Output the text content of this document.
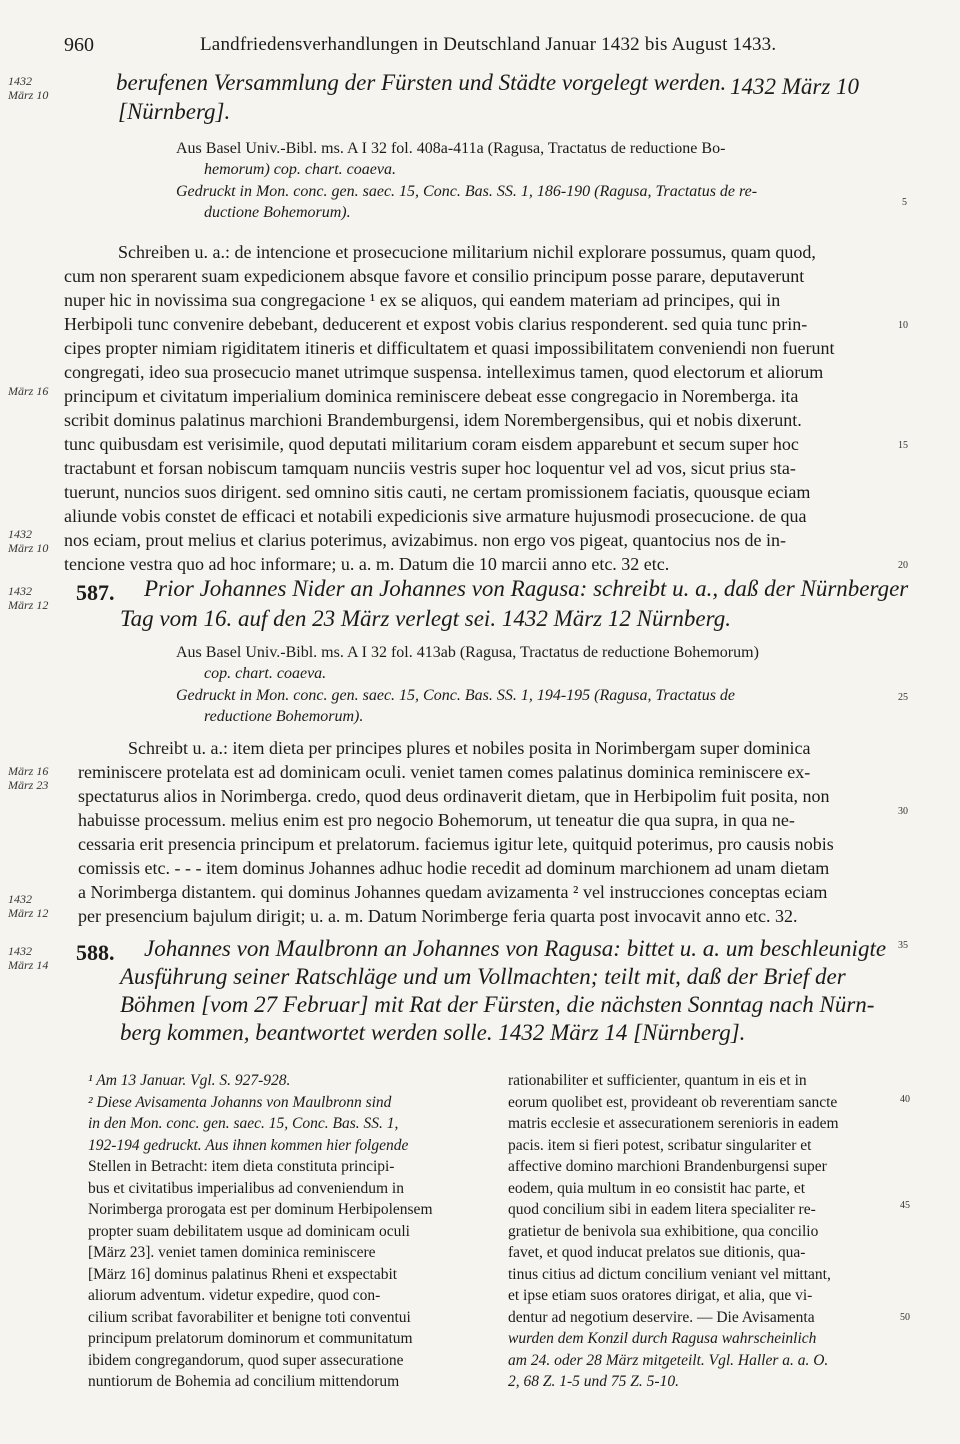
960	Landfriedensverhandlungen in Deutschland Januar 1432 bis August 1433.
1432 März 10	berufenen Versammlung der Fürsten und Städte vorgelegt werden. 1432 März 10
[Nürnberg].
Aus Basel Univ.-Bibl. ms. A I 32 fol. 408a-411a (Ragusa, Tractatus de reductione Bo-
hemorum) cop. chart. coaeva.
Gedruckt in Mon. conc. gen. saec. 15, Conc. Bas. SS. 1, 186-190 (Ragusa, Tractatus de re-
ductione Bohemorum).
5
Schreiben u. a.: de intencione et prosecucione militarium nichil explorare possumus, quam quod,
cum non sperarent suam expedicionem absque favore et consilio principum posse parare, deputaverunt
nuper hic in novissima sua congregacione ¹ ex se aliquos, qui eandem materiam ad principes, qui in
Herbipoli tunc convenire debebant, deducerent et expost vobis clarius responderent. sed quia tunc prin-
cipes propter nimiam rigiditatem itineris et difficultatem et quasi impossibilitatem conveniendi non fuerunt
congregati, ideo sua prosecucio manet utrimque suspensa. intelleximus tamen, quod electorum et aliorum
principum et civitatum imperialium dominica reminiscere debeat esse congregacio in Noremberga. ita
scribit dominus palatinus marchioni Brandemburgensi, idem Norembergensibus, qui et nobis dixerunt.
tunc quibusdam est verisimile, quod deputati militarium coram eisdem apparebunt et secum super hoc
tractabunt et forsan nobiscum tamquam nunciis vestris super hoc loquentur vel ad vos, sicut prius sta-
tuerunt, nuncios suos dirigent. sed omnino sitis cauti, ne certam promissionem faciatis, quousque eciam
aliunde vobis constet de efficaci et notabili expedicionis sive armature hujusmodi prosecucione. de qua
nos eciam, prout melius et clarius poterimus, avizabimus. non ergo vos pigeat, quantocius nos de in-
tencione vestra quo ad hoc informare; u. a. m. Datum die 10 marcii anno etc. 32 etc.
März 16
1432 März 10
10
15
20
1432 März 12 587. Prior Johannes Nider an Johannes von Ragusa: schreibt u. a., daß der Nürnberger
Tag vom 16. auf den 23 März verlegt sei. 1432 März 12 Nürnberg.
Aus Basel Univ.-Bibl. ms. A I 32 fol. 413ab (Ragusa, Tractatus de reductione Bohemorum)
cop. chart. coaeva.
Gedruckt in Mon. conc. gen. saec. 15, Conc. Bas. SS. 1, 194-195 (Ragusa, Tractatus de
reductione Bohemorum).
25
Schreibt u. a.: item dieta per principes plures et nobiles posita in Norimbergam super dominica
reminiscere protelata est ad dominicam oculi. veniet tamen comes palatinus dominica reminiscere ex-
spectaturus alios in Norimberga. credo, quod deus ordinaverit dietam, que in Herbipolim fuit posita, non
habuisse processum. melius enim est pro negocio Bohemorum, ut teneatur die qua supra, in qua ne-
cessaria erit presencia principum et prelatorum. faciemus igitur lete, quitquid poterimus, pro causis nobis
comissis etc. - - - item dominus Johannes adhuc hodie recedit ad dominum marchionem ad unam dietam
a Norimberga distantem. qui dominus Johannes quedam avizamenta ² vel instrucciones conceptas eciam
per presencium bajulum dirigit; u. a. m. Datum Norimberge feria quarta post invocavit anno etc. 32.
März 16
März 23
1432 März 12
30
1432 März 14 588. Johannes von Maulbronn an Johannes von Ragusa: bittet u. a. um beschleunigte
Ausführung seiner Ratschläge und um Vollmachten; teilt mit, daß der Brief der
Böhmen [vom 27 Februar] mit Rat der Fürsten, die nächsten Sonntag nach Nürn-
berg kommen, beantwortet werden solle. 1432 März 14 [Nürnberg].
35
¹ Am 13 Januar. Vgl. S. 927-928.
² Diese Avisamenta Johanns von Maulbronn sind
in den Mon. conc. gen. saec. 15, Conc. Bas. SS. 1,
192-194 gedruckt. Aus ihnen kommen hier folgende
Stellen in Betracht: item dieta constituta principi-
bus et civitatibus imperialibus ad conveniendum in
Norimberga prorogata est per dominum Herbipolensem
propter suam debilitatem usque ad dominicam oculi
[März 23]. veniet tamen dominica reminiscere
[März 16] dominus palatinus Rheni et exspectabit
aliorum adventum. videtur expedire, quod con-
cilium scribat favorabiliter et benigne toti conventui
principum prelatorum dominorum et communitatum
ibidem congregandorum, quod super assecuratione
nuntiorum de Bohemia ad concilium mittendorum
rationabiliter et sufficienter, quantum in eis et in
eorum quolibet est, provideant ob reverentiam sancte
matris ecclesie et assecurationem serenioris in eadem
pacis. item si fieri potest, scribatur singulariter et
affective domino marchioni Brandenburgensi super
eodem, quia multum in eo consistit hac parte, et
quod concilium sibi in eadem litera specialiter re-
gratietur de benivola sua exhibitione, qua concilio
favet, et quod inducat prelatos sue ditionis, qua-
tinus citius ad dictum concilium veniant vel mittant,
et ipse etiam suos oratores dirigat, et alia, que vi-
dentur ad negotium deservire. — Die Avisamenta
wurden dem Konzil durch Ragusa wahrscheinlich
am 24. oder 28 März mitgeteilt. Vgl. Haller a. a. O.
2, 68 Z. 1-5 und 75 Z. 5-10.
40
45
50
